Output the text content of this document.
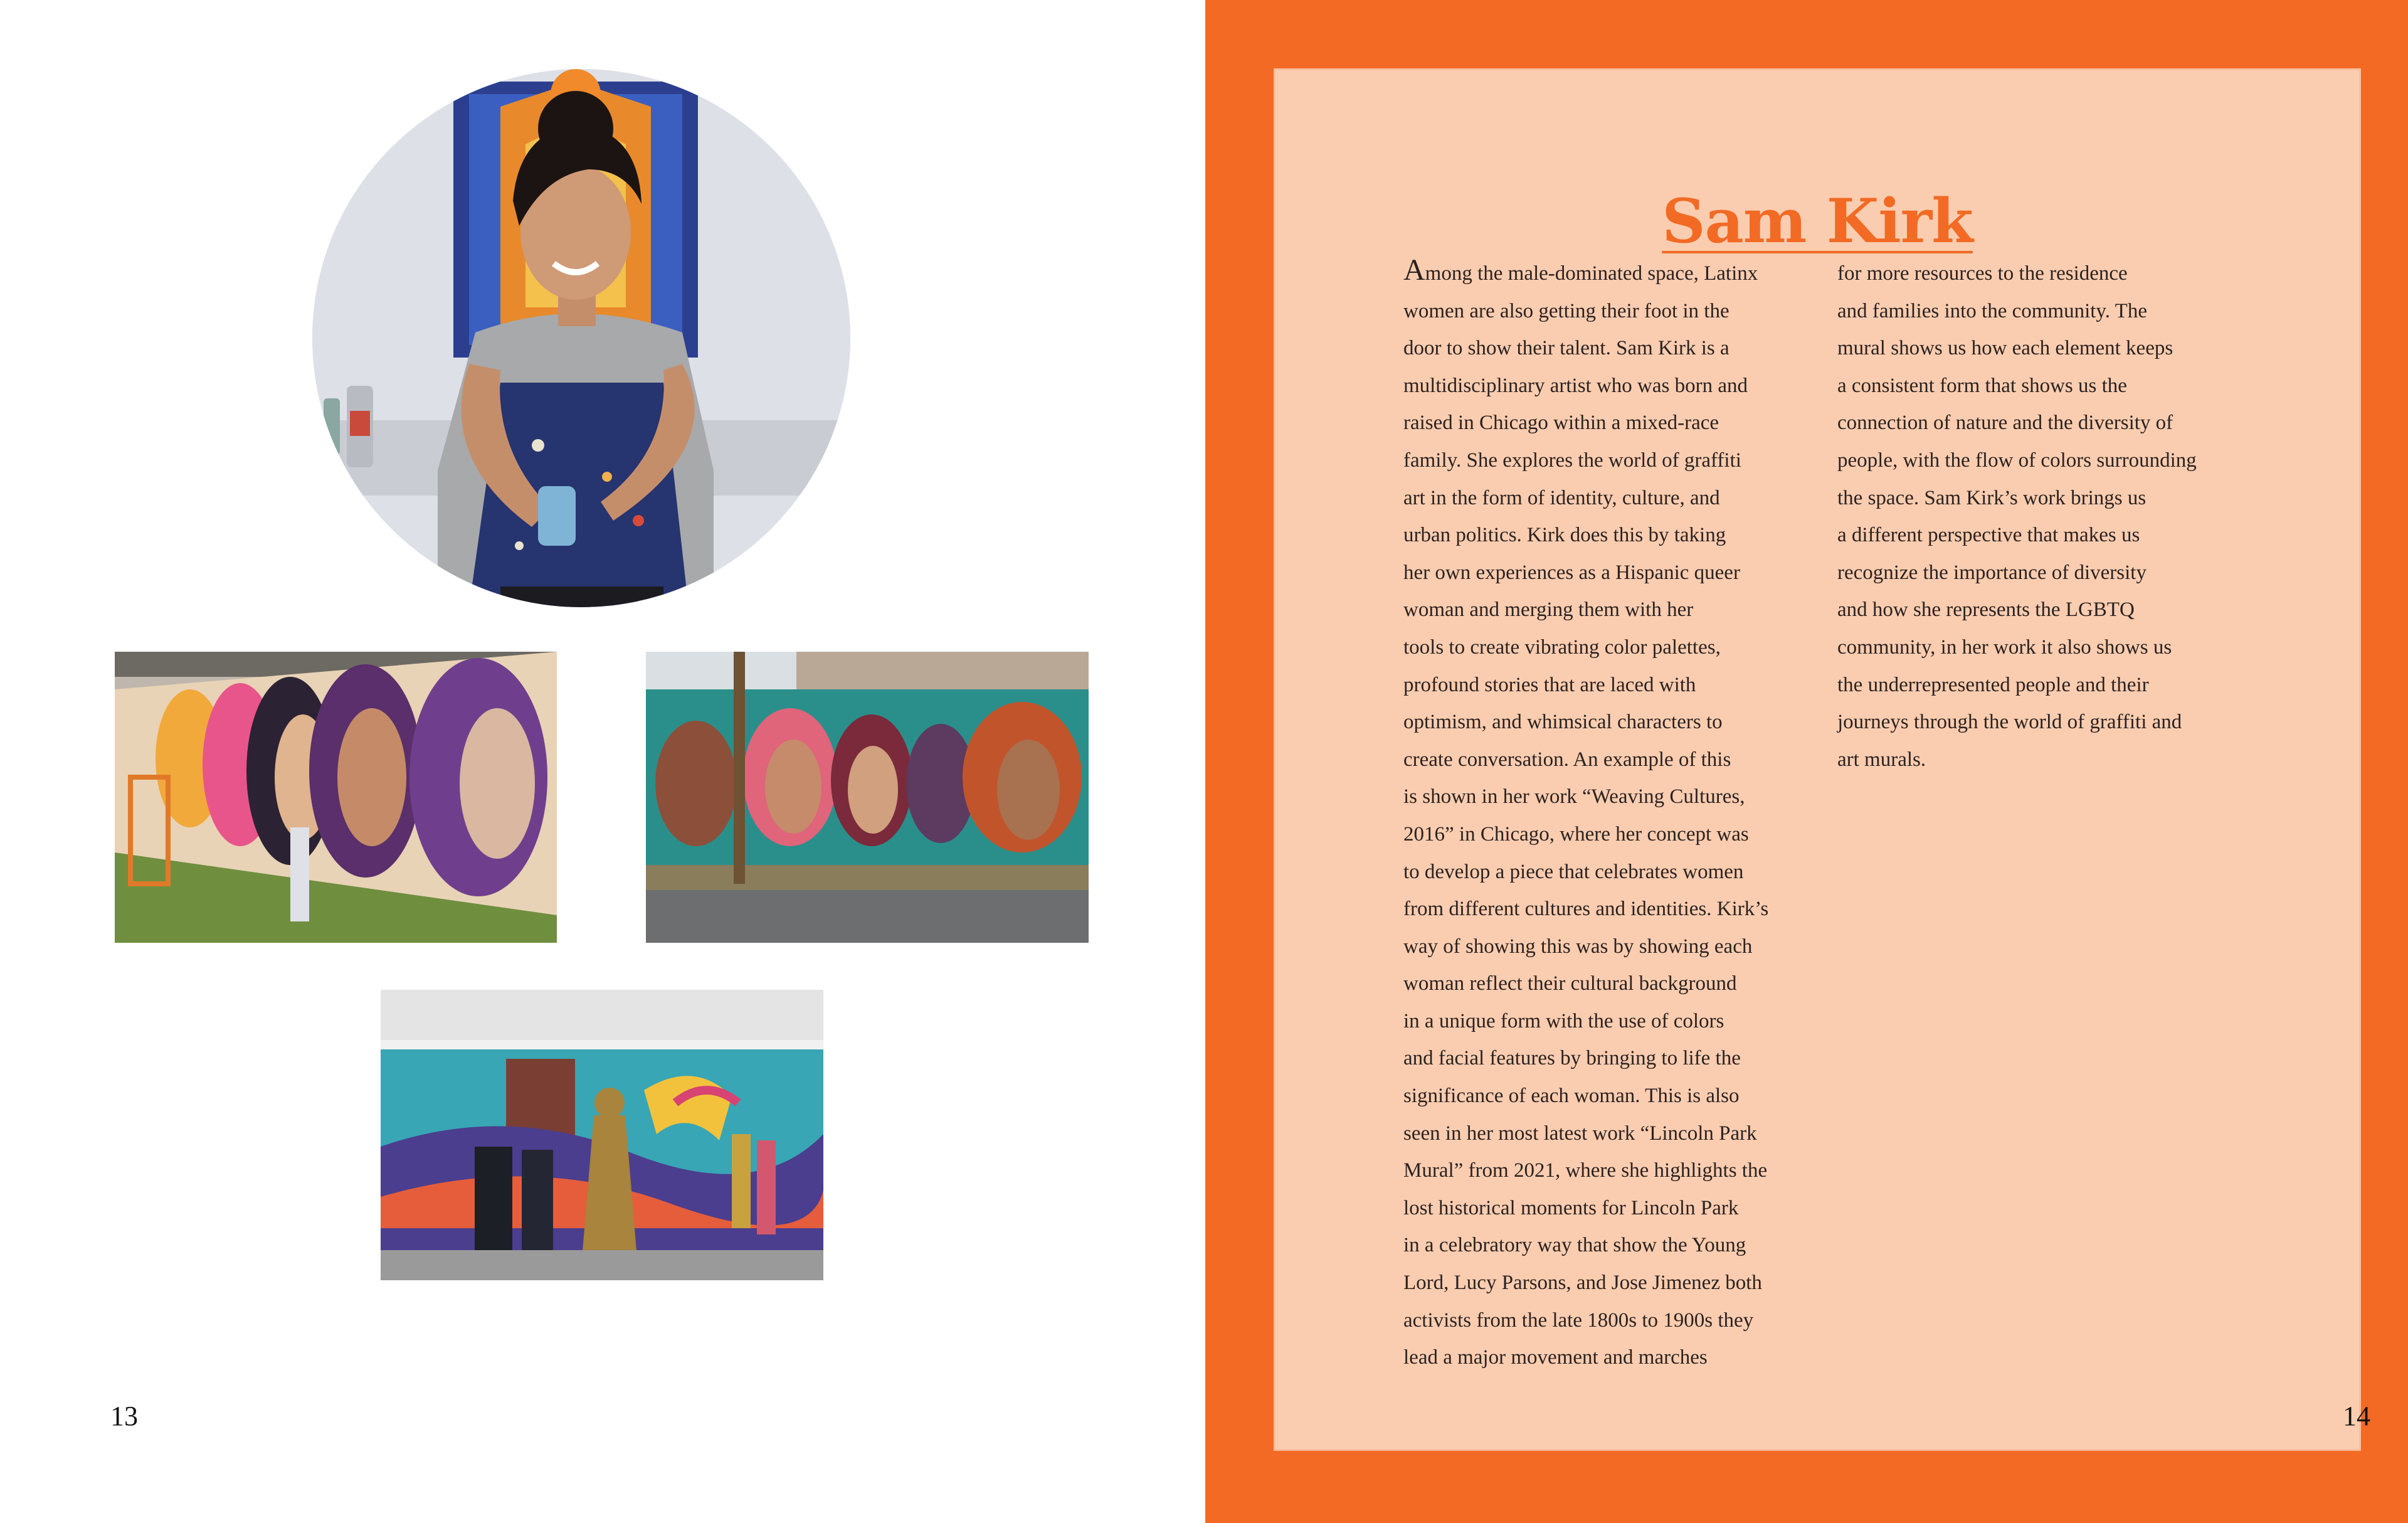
13
Sam Kirk
Among the male-dominated space, Latinx
women are also getting their foot in the
door to show their talent. Sam Kirk is a
multidisciplinary artist who was born and
raised in Chicago within a mixed-race
family. She explores the world of graffiti
art in the form of identity, culture, and
urban politics. Kirk does this by taking
her own experiences as a Hispanic queer
woman and merging them with her
tools to create vibrating color palettes,
profound stories that are laced with
optimism, and whimsical characters to
create conversation. An example of this
is shown in her work “Weaving Cultures,
2016” in Chicago, where her concept was
to develop a piece that celebrates women
from different cultures and identities. Kirk’s
way of showing this was by showing each
woman reflect their cultural background
in a unique form with the use of colors
and facial features by bringing to life the
significance of each woman. This is also
seen in her most latest work “Lincoln Park
Mural” from 2021, where she highlights the
lost historical moments for Lincoln Park
in a celebratory way that show the Young
Lord, Lucy Parsons, and Jose Jimenez both
activists from the late 1800s to 1900s they
lead a major movement and marches
for more resources to the residence
and families into the community. The
mural shows us how each element keeps
a consistent form that shows us the
connection of nature and the diversity of
people, with the flow of colors surrounding
the space. Sam Kirk’s work brings us
a different perspective that makes us
recognize the importance of diversity
and how she represents the LGBTQ
community, in her work it also shows us
the underrepresented people and their
journeys through the world of graffiti and
art murals.
14
